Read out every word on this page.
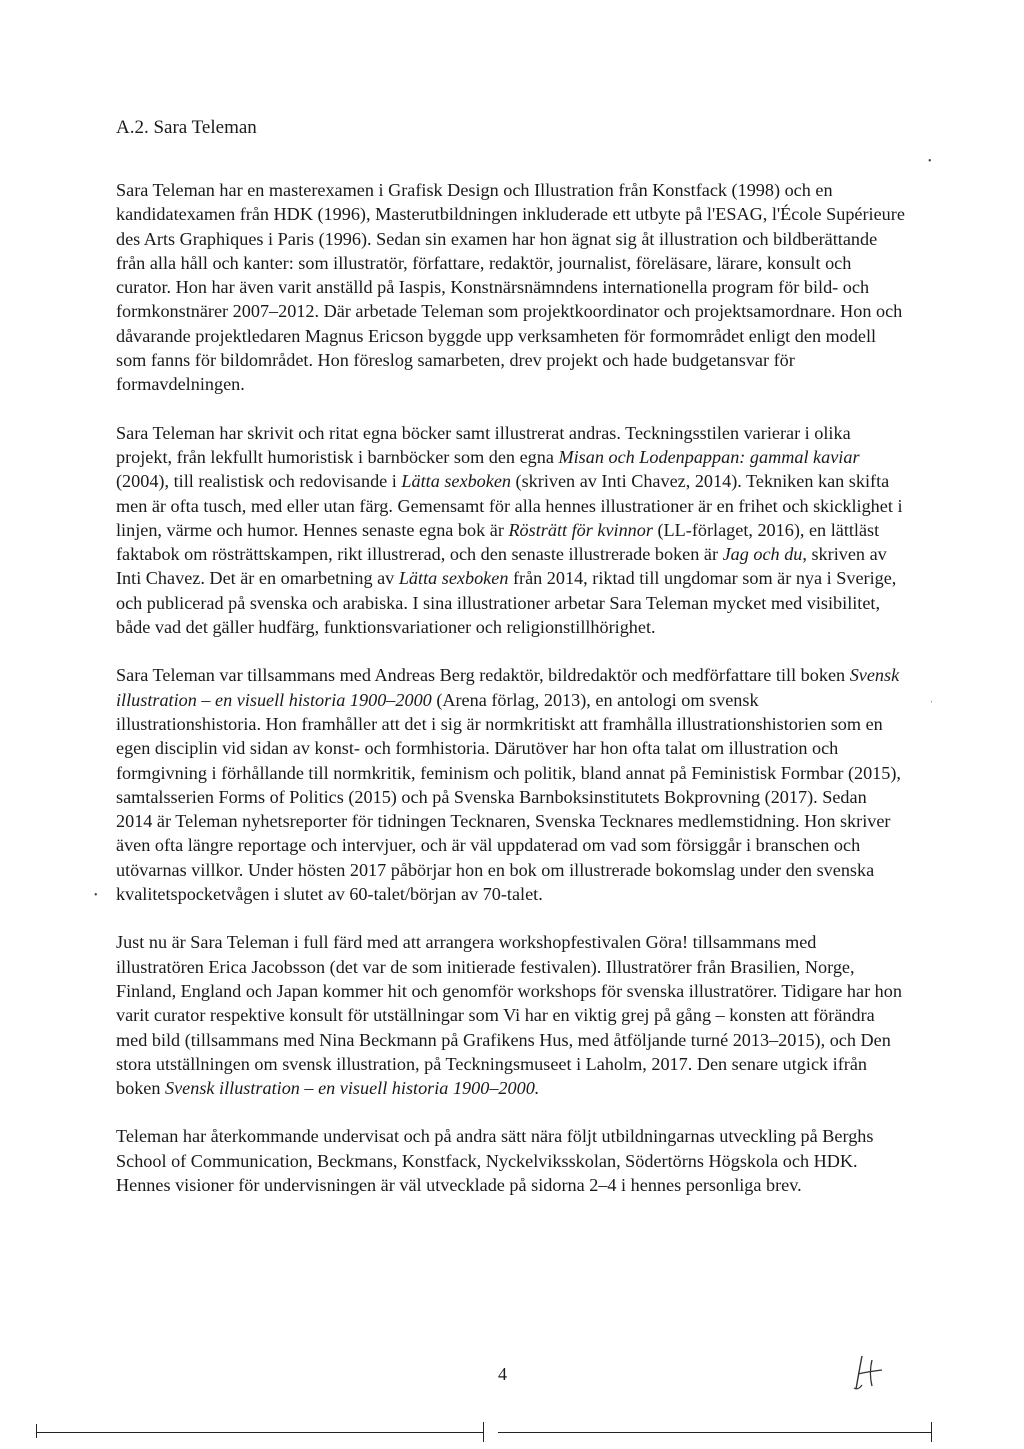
A.2. Sara Teleman

Sara Teleman har en masterexamen i Grafisk Design och Illustration från Konstfack (1998) och en kandidatexamen från HDK (1996), Masterutbildningen inkluderade ett utbyte på l'ESAG, l'École Supérieure des Arts Graphiques i Paris (1996). Sedan sin examen har hon ägnat sig åt illustration och bildberättande från alla håll och kanter: som illustratör, författare, redaktör, journalist, föreläsare, lärare, konsult och curator. Hon har även varit anställd på Iaspis, Konstnärsnämndens internationella program för bild- och formkonstnärer 2007–2012. Där arbetade Teleman som projektkoordinator och projektsamordnare. Hon och dåvarande projektledaren Magnus Ericson byggde upp verksamheten för formområdet enligt den modell som fanns för bildområdet. Hon föreslog samarbeten, drev projekt och hade budgetansvar för formavdelningen.

Sara Teleman har skrivit och ritat egna böcker samt illustrerat andras. Teckningsstilen varierar i olika projekt, från lekfullt humoristisk i barnböcker som den egna Misan och Lodenpappan: gammal kaviar (2004), till realistisk och redovisande i Lätta sexboken (skriven av Inti Chavez, 2014). Tekniken kan skifta men är ofta tusch, med eller utan färg. Gemensamt för alla hennes illustrationer är en frihet och skicklighet i linjen, värme och humor. Hennes senaste egna bok är Rösträtt för kvinnor (LL-förlaget, 2016), en lättläst faktabok om rösträttskampen, rikt illustrerad, och den senaste illustrerade boken är Jag och du, skriven av Inti Chavez. Det är en omarbetning av Lätta sexboken från 2014, riktad till ungdomar som är nya i Sverige, och publicerad på svenska och arabiska. I sina illustrationer arbetar Sara Teleman mycket med visibilitet, både vad det gäller hudfärg, funktionsvariationer och religionstillhörighet.

Sara Teleman var tillsammans med Andreas Berg redaktör, bildredaktör och medförfattare till boken Svensk illustration – en visuell historia 1900–2000 (Arena förlag, 2013), en antologi om svensk illustrationshistoria. Hon framhåller att det i sig är normkritiskt att framhålla illustrationshistorien som en egen disciplin vid sidan av konst- och formhistoria. Därutöver har hon ofta talat om illustration och formgivning i förhållande till normkritik, feminism och politik, bland annat på Feministisk Formbar (2015), samtalsserien Forms of Politics (2015) och på Svenska Barnboksinstitutets Bokprovning (2017). Sedan 2014 är Teleman nyhetsreporter för tidningen Tecknaren, Svenska Tecknares medlemstidning. Hon skriver även ofta längre reportage och intervjuer, och är väl uppdaterad om vad som försiggår i branschen och utövarnas villkor. Under hösten 2017 påbörjar hon en bok om illustrerade bokomslag under den svenska kvalitetspocketvågen i slutet av 60-talet/början av 70-talet.

Just nu är Sara Teleman i full färd med att arrangera workshopfestivalen Göra! tillsammans med illustratören Erica Jacobsson (det var de som initierade festivalen). Illustratörer från Brasilien, Norge, Finland, England och Japan kommer hit och genomför workshops för svenska illustratörer. Tidigare har hon varit curator respektive konsult för utställningar som Vi har en viktig grej på gång – konsten att förändra med bild (tillsammans med Nina Beckmann på Grafikens Hus, med åtföljande turné 2013–2015), och Den stora utställningen om svensk illustration, på Teckningsmuseet i Laholm, 2017. Den senare utgick ifrån boken Svensk illustration – en visuell historia 1900–2000.

Teleman har återkommande undervisat och på andra sätt nära följt utbildningarnas utveckling på Berghs School of Communication, Beckmans, Konstfack, Nyckelviksskolan, Södertörns Högskola och HDK. Hennes visioner för undervisningen är väl utvecklade på sidorna 2–4 i hennes personliga brev.

4
•
•
ˈ
